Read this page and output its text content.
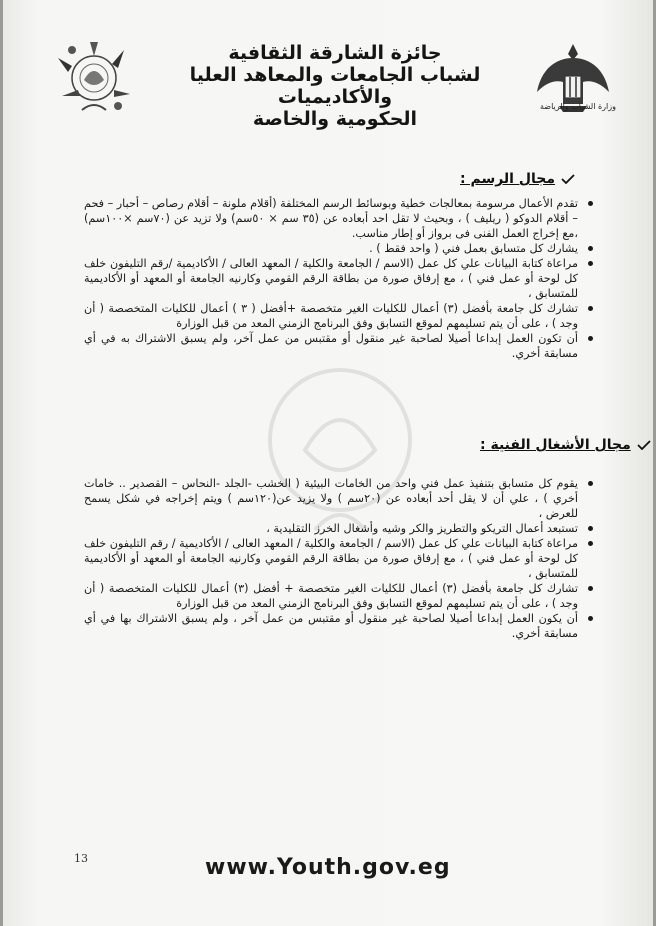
جائزة الشارقة الثقافية
لشباب الجامعات والمعاهد العليا والأكاديميات
الحكومية والخاصة
وزارة الشباب والرياضة
مجال الرسم :
تقدم الأعمال مرسومة بمعالجات خطية وبوسائط الرسم المختلفة (أقلام ملونة – أقلام رصاص – أحبار – فحم – أقلام الدوكو ( ريليف ) ، وبحيث لا تقل احد أبعاده عن (٣٥ سم × ٥٠سم) ولا تزيد عن (٧٠سم ×١٠٠سم) ،مع إخراج العمل الفنى فى برواز أو إطار مناسب.
يشارك كل متسابق بعمل فني ( واحد فقط ) .
مراعاة كتابة البيانات علي كل عمل (الاسم / الجامعة والكلية / المعهد العالى / الأكاديمية /رقم التليفون خلف كل لوحة أو عمل فني ) ، مع إرفاق صورة من بطاقة الرقم القومي وكارنيه الجامعة أو المعهد أو الأكاديمية للمتسابق ،
تشارك كل جامعة بأفضل (٣) أعمال للكليات الغير متخصصة +أفضل ( ٣ ) أعمال للكليات المتخصصة ( أن وجد ) ، على أن يتم تسليمهم لموقع التسابق وفق البرنامج الزمني المعد من قبل الوزارة
أن تكون العمل إبداعا أصيلا لصاحبة غير منقول أو مقتبس من عمل آخر، ولم يسبق الاشتراك به في أي مسابقة أخري.
مجال الأشغال الفنية :
يقوم كل متسابق بتنفيذ عمل فني واحد من الخامات البيئية ( الخشب -الجلد -النحاس – القصدير .. خامات أخري ) ، علي أن لا يقل أحد أبعاده عن (٢٠سم ) ولا يزيد عن(١٢٠سم ) ويتم إخراجه في شكل يسمح للعرض ،
تستبعد أعمال التريكو والتطريز والكر وشيه وأشغال الخرز التقليدية ،
مراعاة كتابة البيانات علي كل عمل (الاسم / الجامعة والكلية / المعهد العالى / الأكاديمية / رقم التليفون خلف كل لوحة أو عمل فني ) ، مع إرفاق صورة من بطاقة الرقم القومي وكارنيه الجامعة أو المعهد أو الأكاديمية للمتسابق ،
تشارك كل جامعة بأفضل (٣) أعمال للكليات الغير متخصصة + أفضل (٣) أعمال للكليات المتخصصة ( أن وجد ) ، على أن يتم تسليمهم لموقع التسابق وفق البرنامج الزمني المعد من قبل الوزارة
أن يكون العمل إبداعا أصيلا لصاحبة غير منقول أو مقتبس من عمل آخر ، ولم يسبق الاشتراك بها في أي مسابقة أخري.
13	www.Youth.gov.eg
